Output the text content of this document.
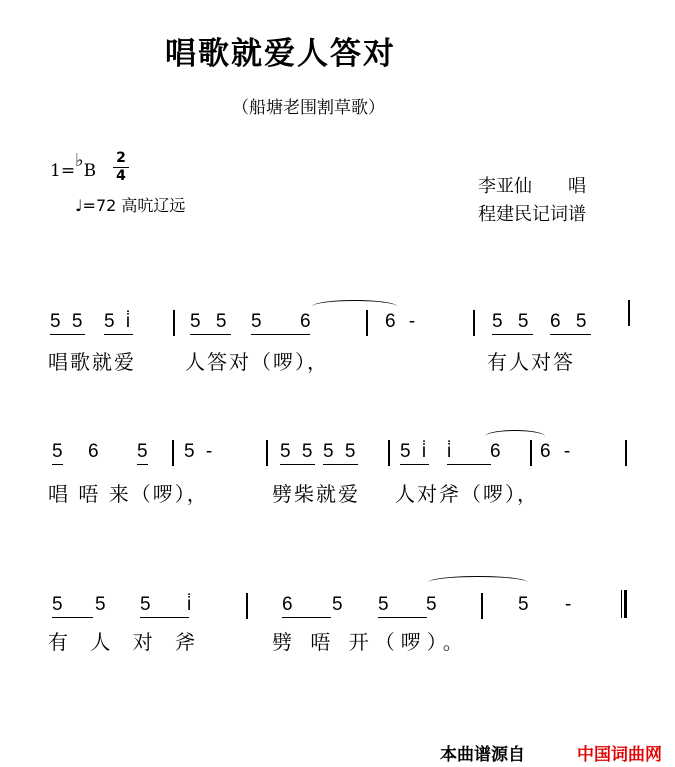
唱歌就爱人答对
（船塘老围割草歌）
1=♭B
2
4
♩=72 高吭辽远
李亚仙　　唱
程建民记词谱
5 5 5 i̇	5 5 5	6	6 -	5 5 6 5
唱歌就爱 人答对（啰），	有人对答
5 6 5 5 -	5 5 5 5 5 i̇ i̇	6 6 -
唱 唔 来（啰），	劈柴就爱 人对斧（啰），
5	5 5	i̇	6	5 5	5	5 -
有 人 对 斧	劈 唔 开（啰）。
本曲谱源自	中国词曲网
